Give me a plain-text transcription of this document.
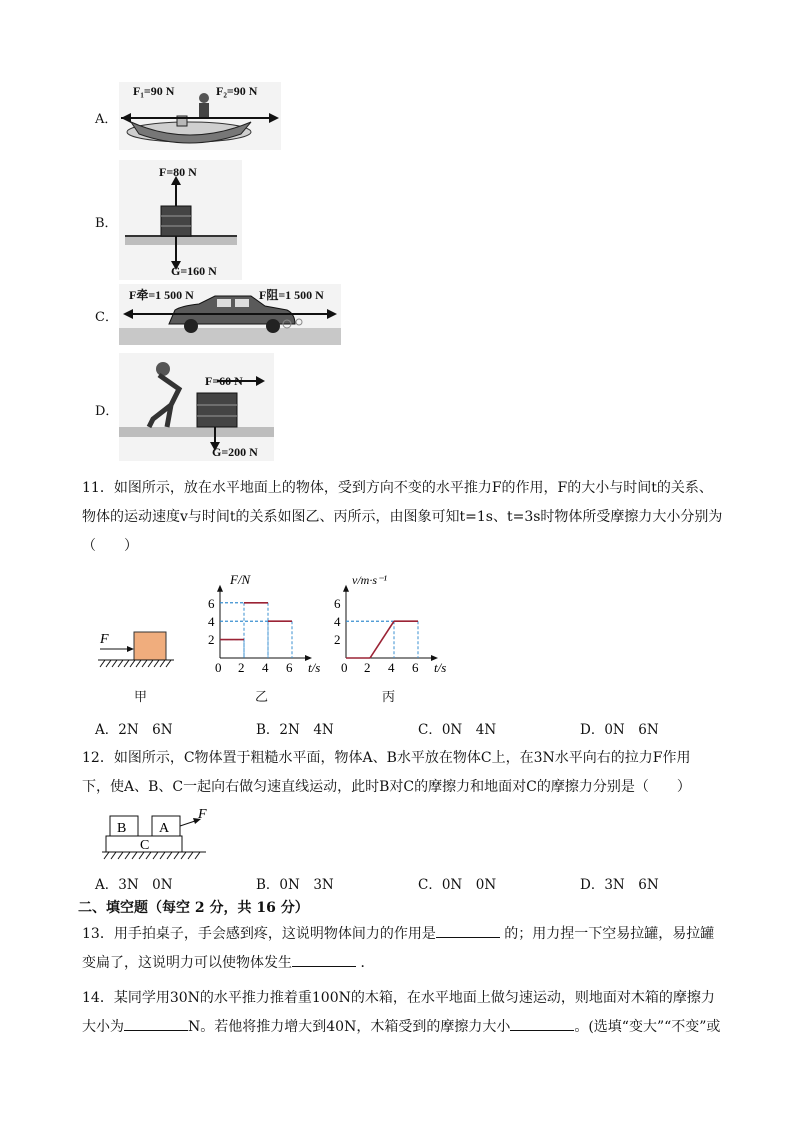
A．
F₁=90 N	F₂=90 N
B．
F=80 N
G=160 N
C．
F牵=1 500 N	F阻=1 500 N
D．
F=60 N
G=200 N
11．如图所示，放在水平地面上的物体，受到方向不变的水平推力F的作用，F的大小与时间t的关系、
物体的运动速度v与时间t的关系如图乙、丙所示，由图象可知t=1s、t=3s时物体所受摩擦力大小分别为
（　　）
F
甲
F/N
t/s
6
4
2
0 2 4 6
乙
v/m·s⁻¹
t/s
6
4
2
0 2 4 6
丙
A．2N　6N	B．2N　4N	C．0N　4N	D．0N　6N
12．如图所示，C物体置于粗糙水平面，物体A、B水平放在物体C上，在3N水平向右的拉力F作用
下，使A、B、C一起向右做匀速直线运动，此时B对C的摩擦力和地面对C的摩擦力分别是（　　）
B A
C
F
A．3N　0N	B．0N　3N	C．0N　0N	D．3N　6N
二、填空题（每空 2 分，共 16 分）
13．用手拍桌子，手会感到疼，这说明物体间力的作用是	的；用力捏一下空易拉罐，易拉罐
变扁了，这说明力可以使物体发生	．
14．某同学用30N的水平推力推着重100N的木箱，在水平地面上做匀速运动，则地面对木箱的摩擦力
大小为	N。若他将推力增大到40N，木箱受到的摩擦力大小	。(选填“变大”“不变”或
